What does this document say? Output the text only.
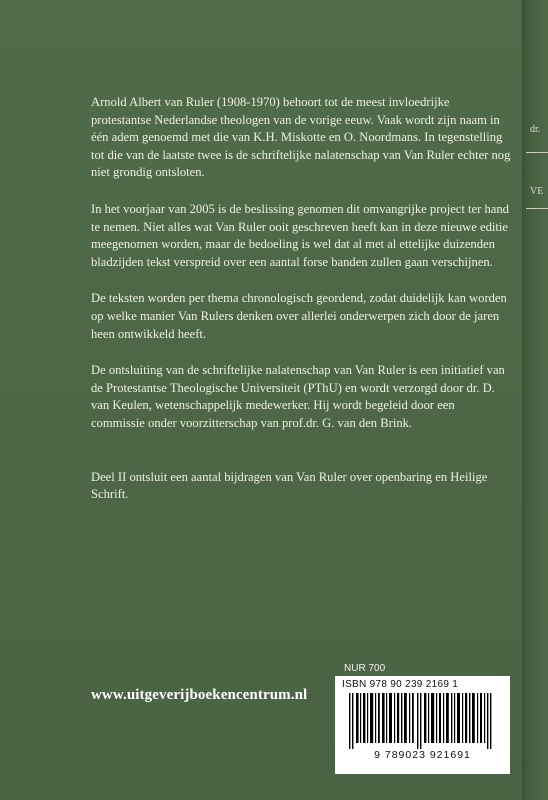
dr.
VE

Arnold Albert van Ruler (1908-1970) behoort tot de meest invloedrijke protestantse Nederlandse theologen van de vorige eeuw. Vaak wordt zijn naam in één adem genoemd met die van K.H. Miskotte en O. Noordmans. In tegenstelling tot die van de laatste twee is de schriftelijke nalatenschap van Van Ruler echter nog niet grondig ontsloten.

In het voorjaar van 2005 is de beslissing genomen dit omvangrijke project ter hand te nemen. Niet alles wat Van Ruler ooit geschreven heeft kan in deze nieuwe editie meegenomen worden, maar de bedoeling is wel dat al met al ettelijke duizenden bladzijden tekst verspreid over een aantal forse banden zullen gaan verschijnen.

De teksten worden per thema chronologisch geordend, zodat duidelijk kan worden op welke manier Van Rulers denken over allerlei onderwerpen zich door de jaren heen ontwikkeld heeft.

De ontsluiting van de schriftelijke nalatenschap van Van Ruler is een initiatief van de Protestantse Theologische Universiteit (PThU) en wordt verzorgd door dr. D. van Keulen, wetenschappelijk medewerker. Hij wordt begeleid door een commissie onder voorzitterschap van prof.dr. G. van den Brink.

Deel II ontsluit een aantal bijdragen van Van Ruler over openbaring en Heilige Schrift.

www.uitgeverijboekencentrum.nl
NUR 700
ISBN 978 90 239 2169 1
9 789023 921691
